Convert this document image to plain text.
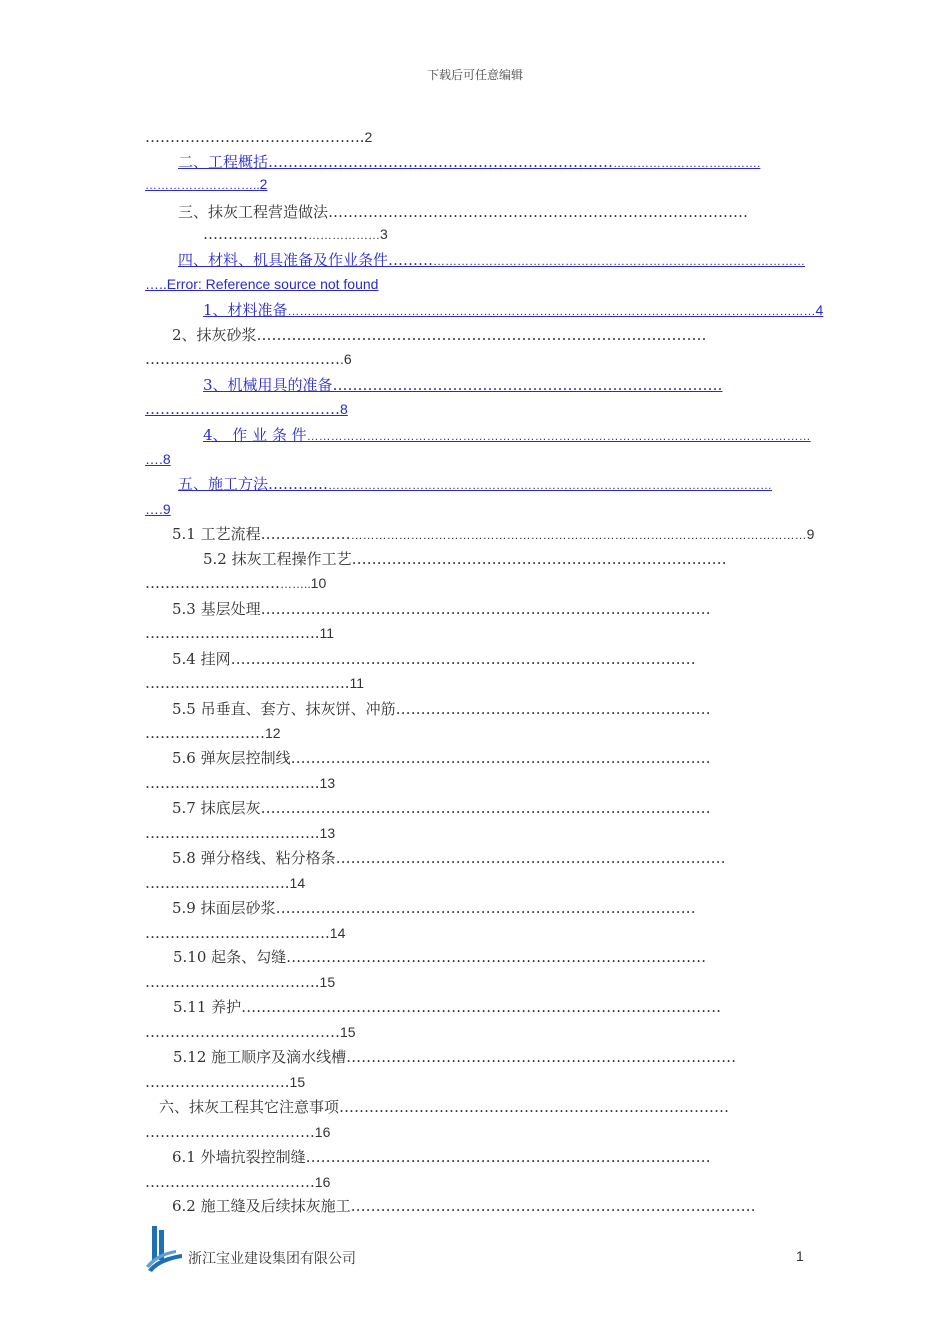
下载后可任意编辑
……………………………………..2
二、工程概括…………………………………………………………………………………………….
………………………..2
三、抹灰工程营造做法…………………………………………………………………………
…………………………………3
四、材料、机具准备及作业条件…………………………………………………………………………………………
…..Error: Reference source not found
1、材料准备……………………………………………………………………………………………………………………4
2、抹灰砂浆………………………………………………………………………………
………………………………….6
3、机械用具的准备……………………………………………………………………
…………………………………8
4、 作 业 条 件………………………………………………………………………………………………………………
….8
五、施工方法……………………………………………………………………………………………………………
….9
5.1 工艺流程……………………………………………………………………………………………………………………9
5.2 抹灰工程操作工艺…………………………………………………………………
……………………………..10
5.3 基层处理………………………………………………………………………………
……………………………..11
5.4 挂网…………………………………………………………………………………
…………………………………..11
5.5 吊垂直、套方、抹灰饼、冲筋………………………………………………………
……………………12
5.6 弹灰层控制线…………………………………………………………………………
……………………………..13
5.7 抹底层灰………………………………………………………………………………
……………………………..13
5.8 弹分格线、粘分格条……………………………………………………………………
………………………..14
5.9 抹面层砂浆…………………………………………………………………………
……………………………….14
5.10 起条、勾缝…………………………………………………………………………
……………………………..15
5.11 养护……………………………………………………………………………………
…………………………………15
5.12 施工顺序及滴水线槽……………………………………………………………………
………………………..15
六、抹灰工程其它注意事项……………………………………………………………………
…………………………….16
6.1 外墙抗裂控制缝………………………………………………………………………
…………………………….16
6.2 施工缝及后续抹灰施工………………………………………………………………………
浙江宝业建设集团有限公司	1
